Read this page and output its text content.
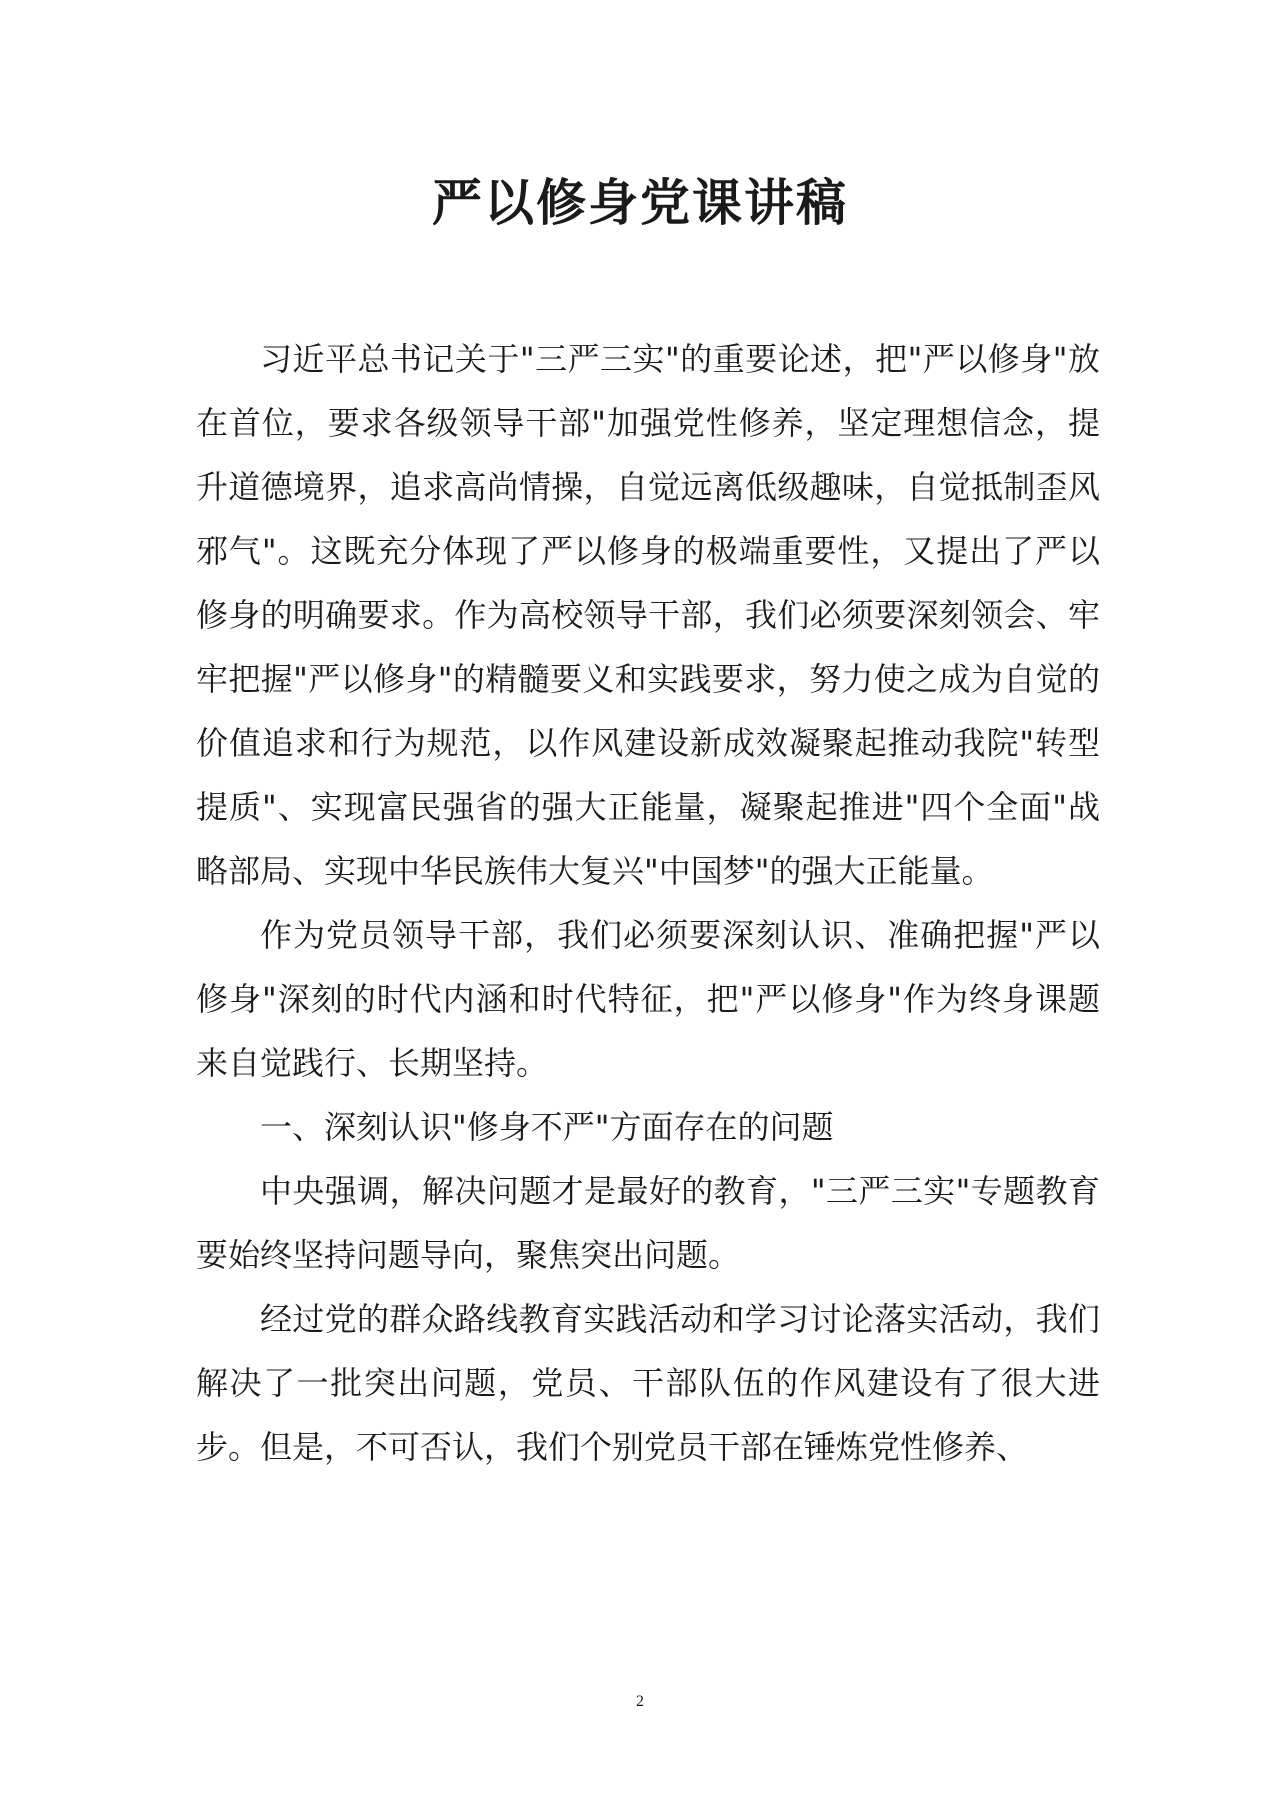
严以修身党课讲稿

习近平总书记关于"三严三实"的重要论述，把"严以修身"放在首位，要求各级领导干部"加强党性修养，坚定理想信念，提升道德境界，追求高尚情操，自觉远离低级趣味，自觉抵制歪风邪气"。这既充分体现了严以修身的极端重要性，又提出了严以修身的明确要求。作为高校领导干部，我们必须要深刻领会、牢牢把握"严以修身"的精髓要义和实践要求，努力使之成为自觉的价值追求和行为规范，以作风建设新成效凝聚起推动我院"转型提质"、实现富民强省的强大正能量，凝聚起推进"四个全面"战略部局、实现中华民族伟大复兴"中国梦"的强大正能量。

作为党员领导干部，我们必须要深刻认识、准确把握"严以修身"深刻的时代内涵和时代特征，把"严以修身"作为终身课题来自觉践行、长期坚持。

一、深刻认识"修身不严"方面存在的问题

中央强调，解决问题才是最好的教育，"三严三实"专题教育要始终坚持问题导向，聚焦突出问题。

经过党的群众路线教育实践活动和学习讨论落实活动，我们解决了一批突出问题，党员、干部队伍的作风建设有了很大进步。但是，不可否认，我们个别党员干部在锤炼党性修养、

2
